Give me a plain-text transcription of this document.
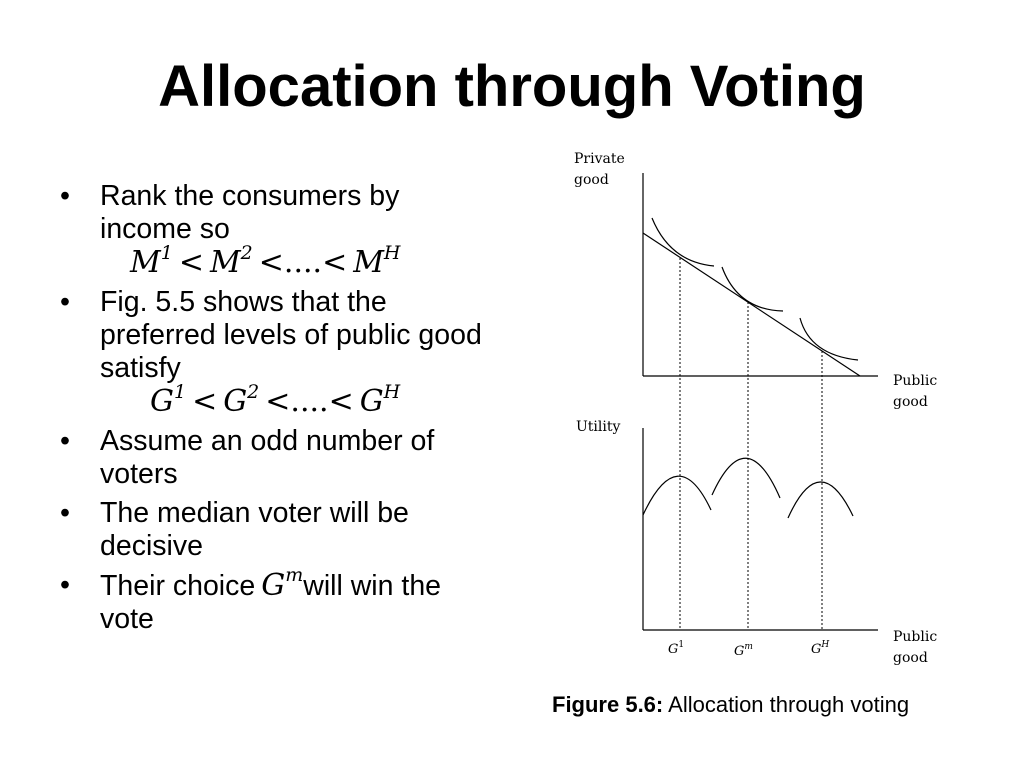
Allocation through Voting
• Rank the consumers by income so
$M^1 < M^2$ <....< $M^H$
• Fig. 5.5 shows that the preferred levels of public good satisfy
$G^1 < G^2$ <....< $G^H$
• Assume an odd number of voters
• The median voter will be decisive
• Their choice $G^mwill$ win the vote
Private
good
Public
good
Utility
Public
good
$G^1$	$G^m$	$G^H$
Figure 5.6: Allocation through voting
